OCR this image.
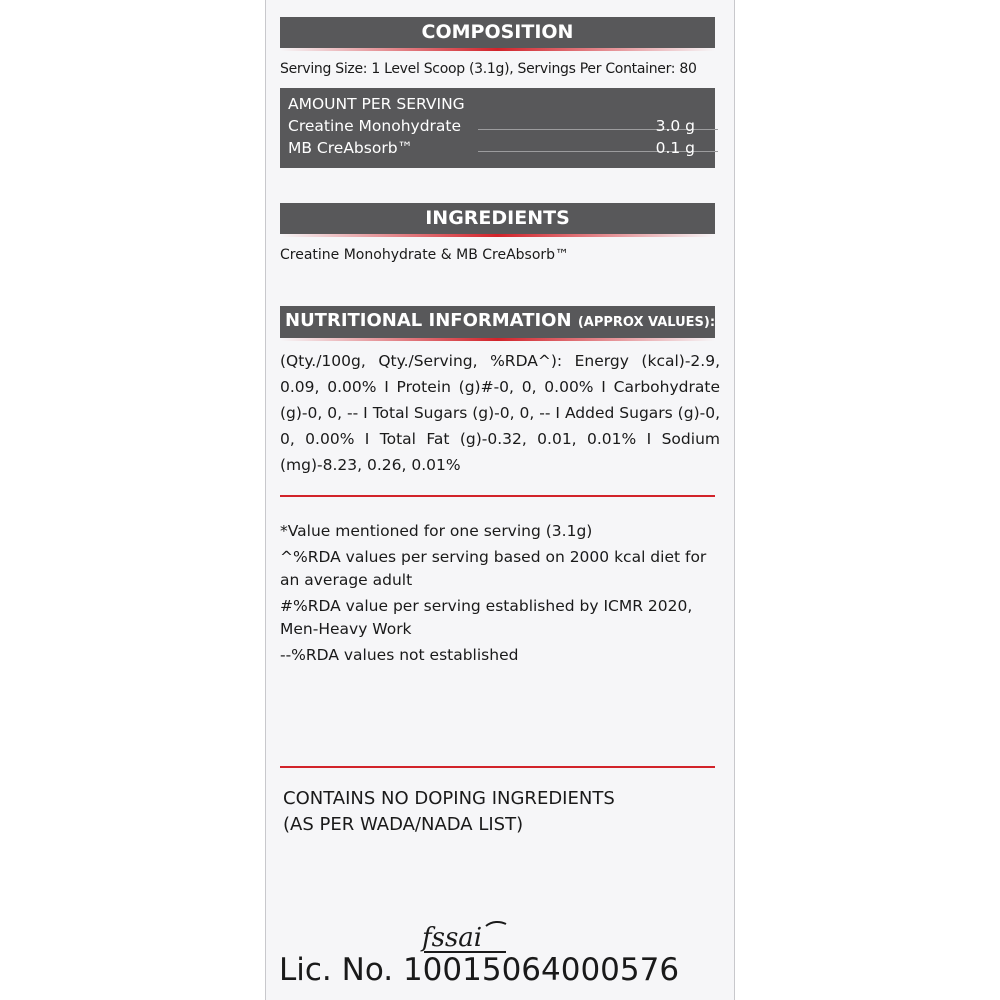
COMPOSITION
Serving Size: 1 Level Scoop (3.1g), Servings Per Container: 80
AMOUNT PER SERVING
Creatine Monohydrate	3.0 g
MB CreAbsorb™	0.1 g
INGREDIENTS
Creatine Monohydrate & MB CreAbsorb™
NUTRITIONAL INFORMATION (APPROX VALUES):
(Qty./100g, Qty./Serving, %RDA^): Energy (kcal)-2.9, 0.09, 0.00% I Protein (g)#-0, 0, 0.00% I Carbohydrate (g)-0, 0, -- I Total Sugars (g)-0, 0, -- I Added Sugars (g)-0, 0, 0.00% I Total Fat (g)-0.32, 0.01, 0.01% I Sodium (mg)-8.23, 0.26, 0.01%

*Value mentioned for one serving (3.1g)

^%RDA values per serving based on 2000 kcal diet for an average adult

#%RDA value per serving established by ICMR 2020, Men-Heavy Work

--%RDA values not established

CONTAINS NO DOPING INGREDIENTS
(AS PER WADA/NADA LIST)
fssai
Lic. No. 10015064000576
